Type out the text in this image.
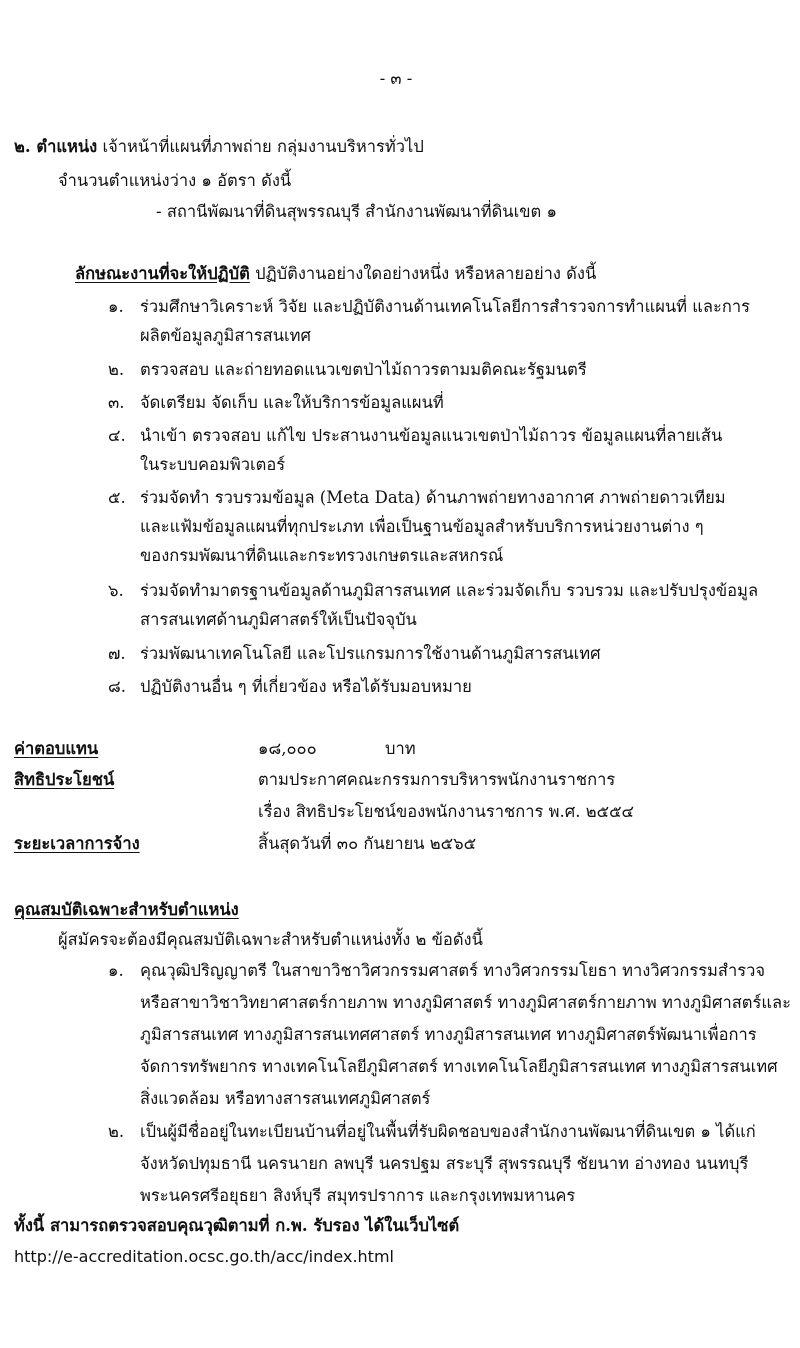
- ๓ -
๒. ตำแหน่ง เจ้าหน้าที่แผนที่ภาพถ่าย กลุ่มงานบริหารทั่วไป
จำนวนตำแหน่งว่าง ๑ อัตรา ดังนี้
- สถานีพัฒนาที่ดินสุพรรณบุรี สำนักงานพัฒนาที่ดินเขต ๑
ลักษณะงานที่จะให้ปฏิบัติ ปฏิบัติงานอย่างใดอย่างหนึ่ง หรือหลายอย่าง ดังนี้
๑. ร่วมศึกษาวิเคราะห์ วิจัย และปฏิบัติงานด้านเทคโนโลยีการสำรวจการทำแผนที่ และการ
ผลิตข้อมูลภูมิสารสนเทศ
๒. ตรวจสอบ และถ่ายทอดแนวเขตป่าไม้ถาวรตามมติคณะรัฐมนตรี
๓. จัดเตรียม จัดเก็บ และให้บริการข้อมูลแผนที่
๔. นำเข้า ตรวจสอบ แก้ไข ประสานงานข้อมูลแนวเขตป่าไม้ถาวร ข้อมูลแผนที่ลายเส้น
ในระบบคอมพิวเตอร์
๕. ร่วมจัดทำ รวบรวมข้อมูล (Meta Data) ด้านภาพถ่ายทางอากาศ ภาพถ่ายดาวเทียม
และแฟ้มข้อมูลแผนที่ทุกประเภท เพื่อเป็นฐานข้อมูลสำหรับบริการหน่วยงานต่าง ๆ
ของกรมพัฒนาที่ดินและกระทรวงเกษตรและสหกรณ์
๖. ร่วมจัดทำมาตรฐานข้อมูลด้านภูมิสารสนเทศ และร่วมจัดเก็บ รวบรวม และปรับปรุงข้อมูล
สารสนเทศด้านภูมิศาสตร์ให้เป็นปัจจุบัน
๗. ร่วมพัฒนาเทคโนโลยี และโปรแกรมการใช้งานด้านภูมิสารสนเทศ
๘. ปฏิบัติงานอื่น ๆ ที่เกี่ยวข้อง หรือได้รับมอบหมาย
ค่าตอบแทน	๑๘,๐๐๐	บาท
สิทธิประโยชน์	ตามประกาศคณะกรรมการบริหารพนักงานราชการ
เรื่อง สิทธิประโยชน์ของพนักงานราชการ พ.ศ. ๒๕๕๔
ระยะเวลาการจ้าง	สิ้นสุดวันที่ ๓๐ กันยายน ๒๕๖๕
คุณสมบัติเฉพาะสำหรับตำแหน่ง
ผู้สมัครจะต้องมีคุณสมบัติเฉพาะสำหรับตำแหน่งทั้ง ๒ ข้อดังนี้
๑. คุณวุฒิปริญญาตรี ในสาขาวิชาวิศวกรรมศาสตร์ ทางวิศวกรรมโยธา ทางวิศวกรรมสำรวจ
หรือสาขาวิชาวิทยาศาสตร์กายภาพ ทางภูมิศาสตร์ ทางภูมิศาสตร์กายภาพ ทางภูมิศาสตร์และ
ภูมิสารสนเทศ ทางภูมิสารสนเทศศาสตร์ ทางภูมิสารสนเทศ ทางภูมิศาสตร์พัฒนาเพื่อการ
จัดการทรัพยากร ทางเทคโนโลยีภูมิศาสตร์ ทางเทคโนโลยีภูมิสารสนเทศ ทางภูมิสารสนเทศ
สิ่งแวดล้อม หรือทางสารสนเทศภูมิศาสตร์
๒. เป็นผู้มีชื่ออยู่ในทะเบียนบ้านที่อยู่ในพื้นที่รับผิดชอบของสำนักงานพัฒนาที่ดินเขต ๑ ได้แก่
จังหวัดปทุมธานี นครนายก ลพบุรี นครปฐม สระบุรี สุพรรณบุรี ชัยนาท อ่างทอง นนทบุรี
พระนครศรีอยุธยา สิงห์บุรี สมุทรปราการ และกรุงเทพมหานคร
ทั้งนี้ สามารถตรวจสอบคุณวุฒิตามที่ ก.พ. รับรอง ได้ในเว็บไซต์
http://e-accreditation.ocsc.go.th/acc/index.html
